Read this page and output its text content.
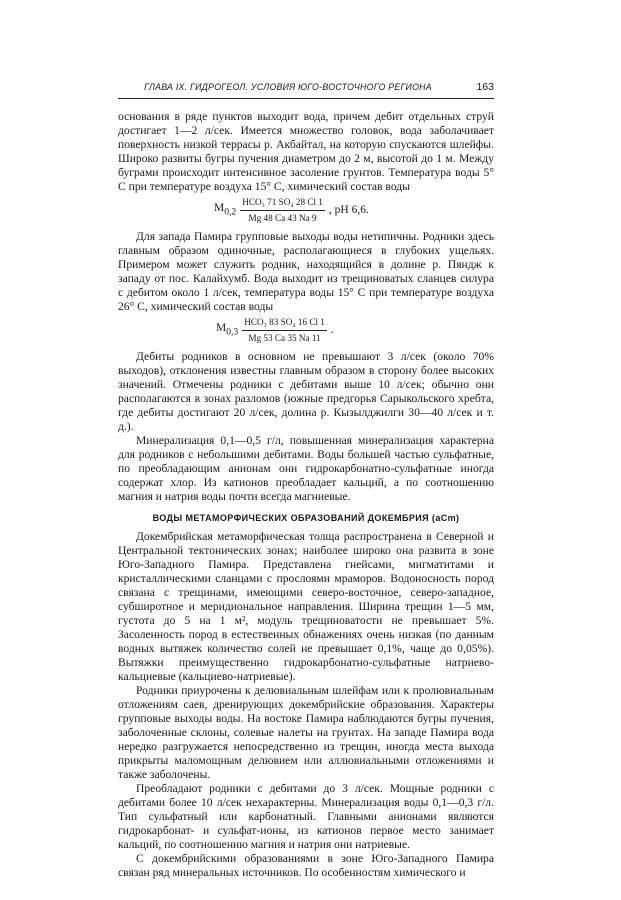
ГЛАВА IX. ГИДРОГЕОЛ. УСЛОВИЯ ЮГО-ВОСТОЧНОГО РЕГИОНА	163

основания в ряде пунктов выходит вода, причем дебит отдельных струй достигает 1—2 л/сек. Имеется множество головок, вода заболачивает поверхность низкой террасы р. Акбайтал, на которую спускаются шлейфы. Широко развиты бугры пучения диаметром до 2 м, высотой до 1 м. Между буграми происходит интенсивное засоление грунтов. Температура воды 5° С при температуре воздуха 15° С, химический состав воды

$M_{0,2} \frac{\text{HCO₃ 71 SO₄ 28 Cl 1}}{Mg 48 Ca 43 Na 9}$ , pH 6,6.

Для запада Памира групповые выходы воды нетипичны. Родники здесь главным образом одиночные, располагающиеся в глубоких ущельях. Примером может служить родник, находящийся в долине р. Пяндж к западу от пос. Калайхумб. Вода выходит из трещиноватых сланцев силура с дебитом около 1 л/сек, температура воды 15° С при температуре воздуха 26° С, химический состав воды

$M_{0,3} \frac{\text{HCO₃ 83 SO₄ 16 Cl 1}}{Mg 53 Ca 35 Na 11}$ .

Дебиты родников в основном не превышают 3 л/сек (около 70% выходов), отклонения известны главным образом в сторону более высоких значений. Отмечены родники с дебитами выше 10 л/сек; обычно они располагаются в зонах разломов (южные предгорья Сарыкольского хребта, где дебиты достигают 20 л/сек, долина р. Кызылджилги 30—40 л/сек и т. д.).

Минерализация 0,1—0,5 г/л, повышенная минерализация характерна для родников с небольшими дебитами. Воды большей частью сульфатные, по преобладающим анионам они гидрокарбонатно-сульфатные иногда содержат хлор. Из катионов преобладает кальций, а по соотношению магния и натрия воды почти всегда магниевые.

ВОДЫ МЕТАМОРФИЧЕСКИХ ОБРАЗОВАНИЙ ДОКЕМБРИЯ (aCm)

Докембрийская метаморфическая толща распространена в Северной и Центральной тектонических зонах; наиболее широко она развита в зоне Юго-Западного Памира. Представлена гнейсами, мигматитами и кристаллическими сланцами с прослоями мраморов. Водоносность пород связана с трещинами, имеющими северо-восточное, северо-западное, субширотное и меридиональное направления. Ширина трещин 1—5 мм, густота до 5 на 1 м², модуль трещиноватости не превышает 5%. Засоленность пород в естественных обнажениях очень низкая (по данным водных вытяжек количество солей не превышает 0,1%, чаще до 0,05%). Вытяжки преимущественно гидрокарбонатно-сульфатные натриево-кальциевые (кальциево-натриевые).

Родники приурочены к делювиальным шлейфам или к пролювиальным отложениям саев, дренирующих докембрийские образования. Характеры групповые выходы воды. На востоке Памира наблюдаются бугры пучения, заболоченные склоны, солевые налеты на грунтах. На западе Памира вода нередко разгружается непосредственно из трещин, иногда места выхода прикрыты маломощным делювием или аллювиальными отложениями и также заболочены.

Преобладают родники с дебитами до 3 л/сек. Мощные родники с дебитами более 10 л/сек нехарактерны. Минерализация воды 0,1—0,3 г/л. Тип сульфатный или карбонатный. Главными анионами являются гидрокарбонат- и сульфат-ионы, из катионов первое место занимает кальций, по соотношению магния и натрия они натриевые.

С докембрийскими образованиями в зоне Юго-Западного Памира связан ряд минеральных источников. По особенностям химического и
